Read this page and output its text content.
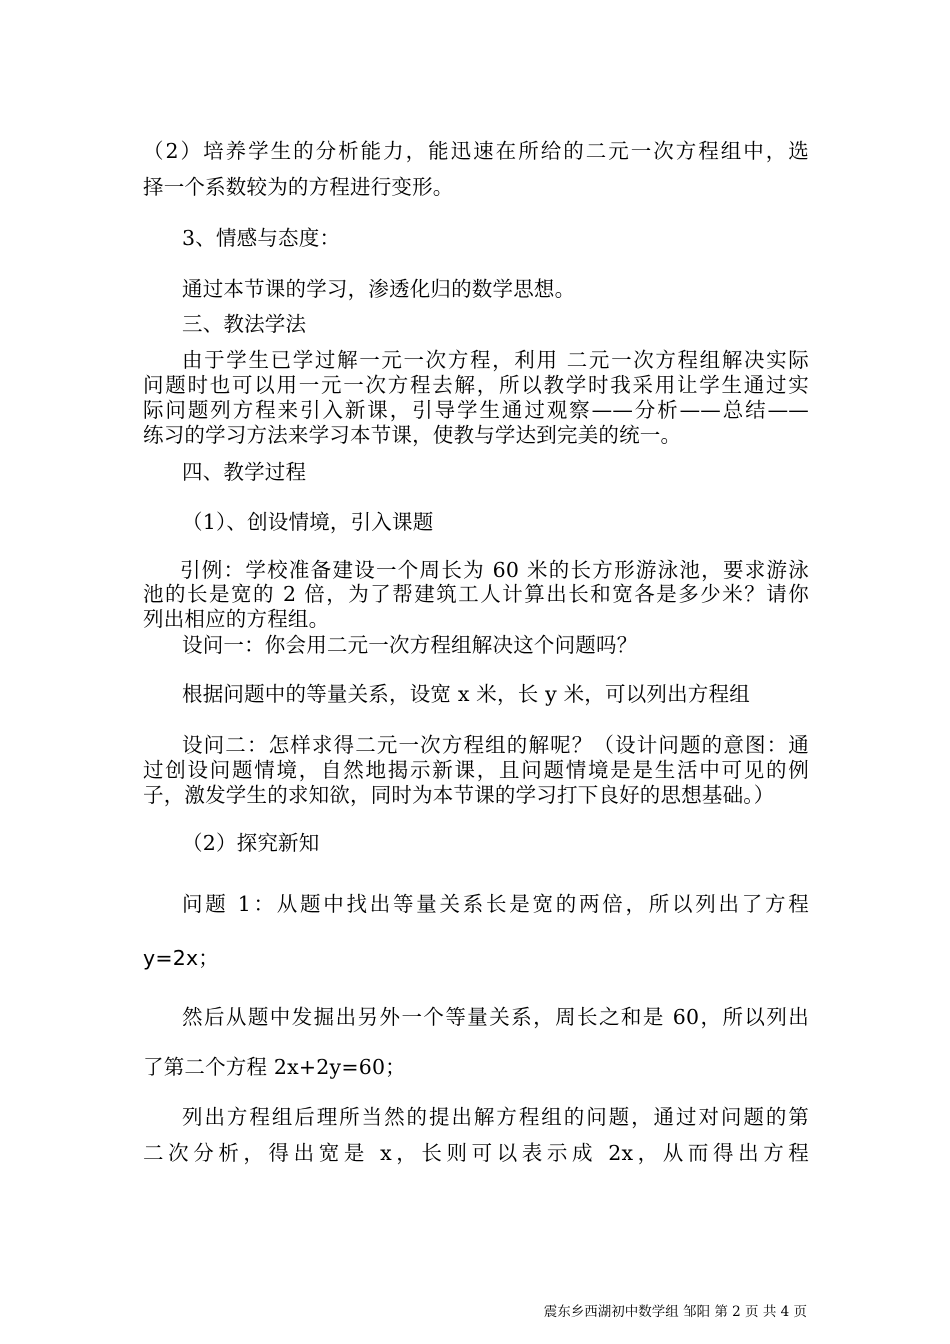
（2）培养学生的分析能力，能迅速在所给的二元一次方程组中，选
择一个系数较为的方程进行变形。
3、情感与态度：
通过本节课的学习，渗透化归的数学思想。
三、教法学法
由于学生已学过解一元一次方程，利用 二元一次方程组解决实际
问题时也可以用一元一次方程去解，所以教学时我采用让学生通过实
际问题列方程来引入新课，引导学生通过观察——分析——总结——
练习的学习方法来学习本节课，使教与学达到完美的统一。
四、教学过程
（1）、创设情境，引入课题
引例：学校准备建设一个周长为 60 米的长方形游泳池，要求游泳
池的长是宽的 2 倍，为了帮建筑工人计算出长和宽各是多少米？请你
列出相应的方程组。
设问一：你会用二元一次方程组解决这个问题吗？
根据问题中的等量关系，设宽 x 米，长 y 米，可以列出方程组
设问二：怎样求得二元一次方程组的解呢？（设计问题的意图：通
过创设问题情境，自然地揭示新课，且问题情境是是生活中可见的例
子，激发学生的求知欲，同时为本节课的学习打下良好的思想基础。）
（2）探究新知
问题 1：从题中找出等量关系长是宽的两倍，所以列出了方程
y=2x；
然后从题中发掘出另外一个等量关系，周长之和是 60，所以列出
了第二个方程 2x+2y=60；
列出方程组后理所当然的提出解方程组的问题，通过对问题的第
二次分析，得出宽是 x，长则可以表示成 2x，从而得出方程
震东乡西湖初中数学组 邹阳 第 2 页 共 4 页
